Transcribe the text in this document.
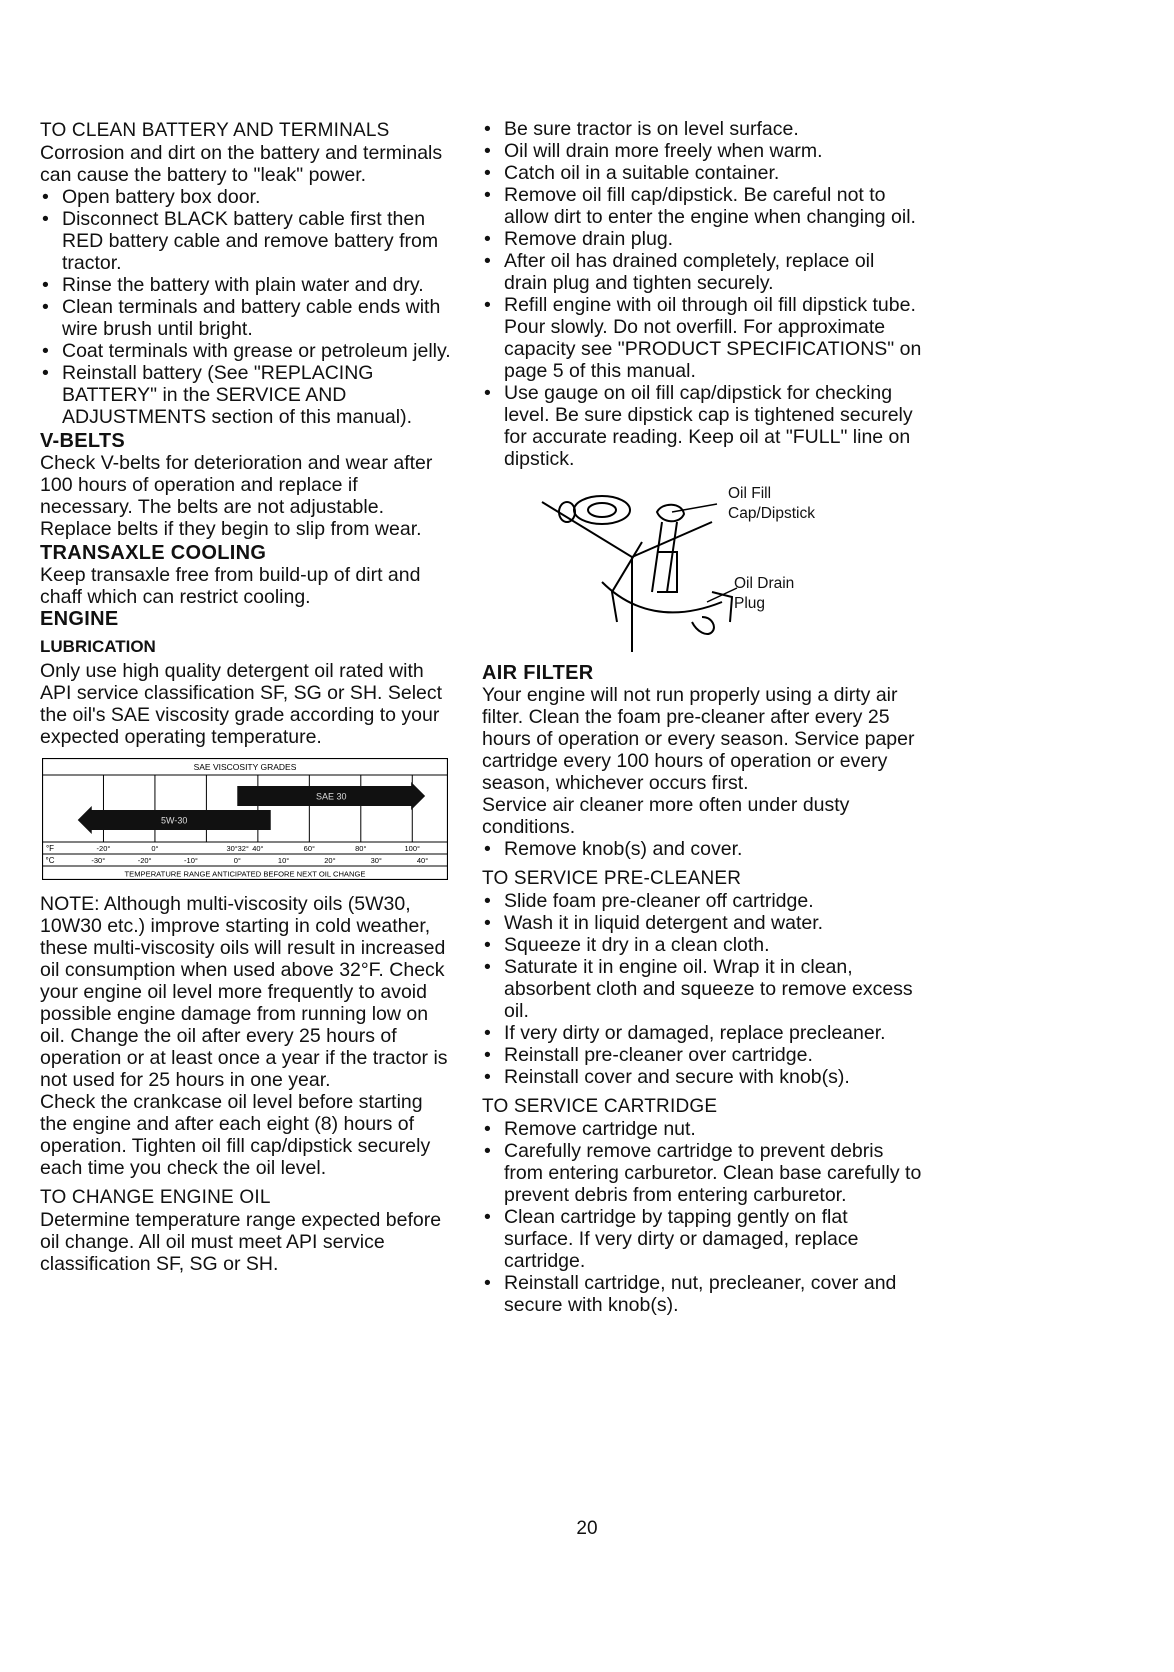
TO CLEAN BATTERY AND TERMINALS

Corrosion and dirt on the battery and terminals can cause the battery to "leak" power.

• Open battery box door.
• Disconnect BLACK battery cable first then RED battery cable and remove battery from tractor.
• Rinse the battery with plain water and dry.
• Clean terminals and battery cable ends with wire brush until bright.
• Coat terminals with grease or petroleum jelly.
• Reinstall battery (See "REPLACING BATTERY" in the SERVICE AND ADJUSTMENTS section of this manual).

V-BELTS

Check V-belts for deterioration and wear after 100 hours of operation and replace if necessary. The belts are not adjustable. Replace belts if they begin to slip from wear.

TRANSAXLE COOLING

Keep transaxle free from build-up of dirt and chaff which can restrict cooling.

ENGINE

LUBRICATION

Only use high quality detergent oil rated with API service classification SF, SG or SH. Select the oil's SAE viscosity grade according to your expected operating temperature.

SAE VISCOSITY GRADES
5W-30
SAE 30
°F
°C
-20°	0°	30° 32° 40°	60°	80°	100°
-30°	-20°	-10°	0°	10°	20°	30°	40°
TEMPERATURE RANGE ANTICIPATED BEFORE NEXT OIL CHANGE

NOTE: Although multi-viscosity oils (5W30, 10W30 etc.) improve starting in cold weather, these multi-viscosity oils will result in increased oil consumption when used above 32°F. Check your engine oil level more frequently to avoid possible engine damage from running low on oil. Change the oil after every 25 hours of operation or at least once a year if the tractor is not used for 25 hours in one year.

Check the crankcase oil level before starting the engine and after each eight (8) hours of operation. Tighten oil fill cap/dipstick securely each time you check the oil level.

TO CHANGE ENGINE OIL

Determine temperature range expected before oil change. All oil must meet API service classification SF, SG or SH.

• Be sure tractor is on level surface.
• Oil will drain more freely when warm.
• Catch oil in a suitable container.
• Remove oil fill cap/dipstick. Be careful not to allow dirt to enter the engine when changing oil.
• Remove drain plug.
• After oil has drained completely, replace oil drain plug and tighten securely.
• Refill engine with oil through oil fill dipstick tube. Pour slowly. Do not overfill. For approximate capacity see "PRODUCT SPECIFICATIONS" on page 5 of this manual.
• Use gauge on oil fill cap/dipstick for checking level. Be sure dipstick cap is tightened securely for accurate reading. Keep oil at "FULL" line on dipstick.
Oil Fill
Cap/Dipstick
Oil Drain
Plug

AIR FILTER

Your engine will not run properly using a dirty air filter. Clean the foam pre-cleaner after every 25 hours of operation or every season. Service paper cartridge every 100 hours of operation or every season, whichever occurs first.

Service air cleaner more often under dusty conditions.

• Remove knob(s) and cover.

TO SERVICE PRE-CLEANER

• Slide foam pre-cleaner off cartridge.
• Wash it in liquid detergent and water.
• Squeeze it dry in a clean cloth.
• Saturate it in engine oil. Wrap it in clean, absorbent cloth and squeeze to remove excess oil.
• If very dirty or damaged, replace precleaner.
• Reinstall pre-cleaner over cartridge.
• Reinstall cover and secure with knob(s).

TO SERVICE CARTRIDGE

• Remove cartridge nut.
• Carefully remove cartridge to prevent debris from entering carburetor. Clean base carefully to prevent debris from entering carburetor.
• Clean cartridge by tapping gently on flat surface. If very dirty or damaged, replace cartridge.
• Reinstall cartridge, nut, precleaner, cover and secure with knob(s).
20
